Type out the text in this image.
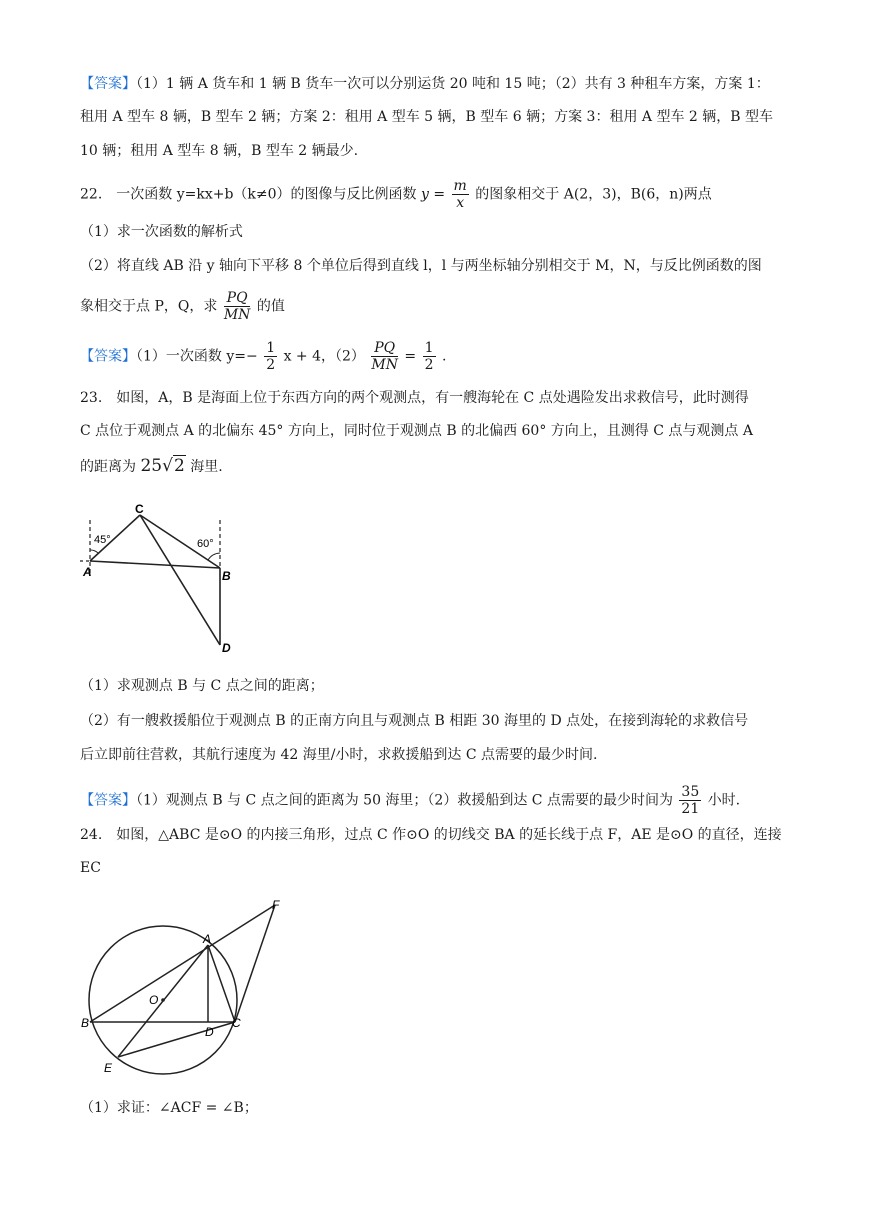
【答案】（1）1 辆 A 货车和 1 辆 B 货车一次可以分别运货 20 吨和 15 吨；（2）共有 3 种租车方案，方案 1：
租用 A 型车 8 辆，B 型车 2 辆；方案 2：租用 A 型车 5 辆，B 型车 6 辆；方案 3：租用 A 型车 2 辆，B 型车
10 辆；租用 A 型车 8 辆，B 型车 2 辆最少.
22.　一次函数 y=kx+b（k≠0）的图像与反比例函数 $y = \frac{m}{x}$ 的图象相交于 A(2，3)，B(6，n)两点
（1）求一次函数的解析式
（2）将直线 AB 沿 y 轴向下平移 8 个单位后得到直线 l，l 与两坐标轴分别相交于 M，N，与反比例函数的图
象相交于点 P，Q，求 $\frac{PQ}{MN}$ 的值
【答案】（1）一次函数 $y=- \frac{1}{2}$ x + 4，$(2) \frac{PQ}{MN} = \frac{1}{2}$ .
23.　如图，A，B 是海面上位于东西方向的两个观测点，有一艘海轮在 C 点处遇险发出求救信号，此时测得
C 点位于观测点 A 的北偏东 45° 方向上，同时位于观测点 B 的北偏西 60° 方向上，且测得 C 点与观测点 A
的距离为 25√2 海里.
C
A	B
D
45°	60°
（1）求观测点 B 与 C 点之间的距离；
（2）有一艘救援船位于观测点 B 的正南方向且与观测点 B 相距 30 海里的 D 点处，在接到海轮的求救信号
后立即前往营救，其航行速度为 42 海里/小时，求救援船到达 C 点需要的最少时间.
【答案】（1）观测点 B 与 C 点之间的距离为 50 海里；（2）救援船到达 C 点需要的最少时间为 $\frac{35}{21}$ 小时.
24.　如图，△ABC 是⊙O 的内接三角形，过点 C 作⊙O 的切线交 BA 的延长线于点 F，AE 是⊙O 的直径，连接
EC
F
A
O
B
D
C
E
（1）求证：∠ACF = ∠B；
